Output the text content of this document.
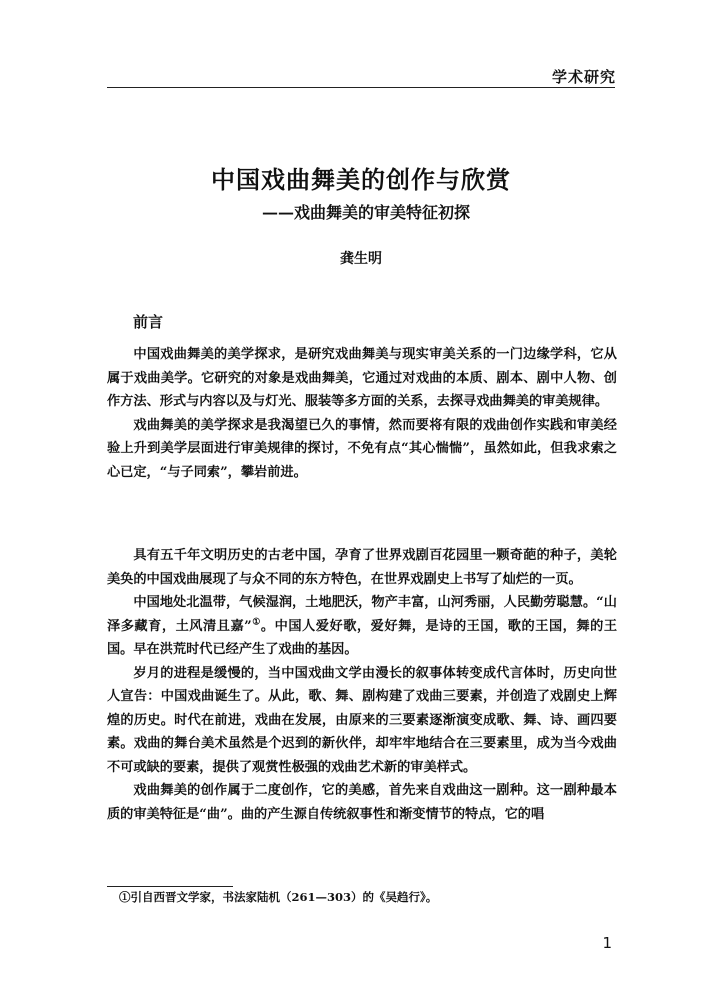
学术研究
中国戏曲舞美的创作与欣赏
——戏曲舞美的审美特征初探
龚生明
前言

中国戏曲舞美的美学探求，是研究戏曲舞美与现实审美关系的一门边缘学科，它从属于戏曲美学。它研究的对象是戏曲舞美，它通过对戏曲的本质、剧本、剧中人物、创作方法、形式与内容以及与灯光、服装等多方面的关系，去探寻戏曲舞美的审美规律。

戏曲舞美的美学探求是我渴望已久的事情，然而要将有限的戏曲创作实践和审美经验上升到美学层面进行审美规律的探讨，不免有点“其心惴惴”，虽然如此，但我求索之心已定，“与子同索”，攀岩前进。

具有五千年文明历史的古老中国，孕育了世界戏剧百花园里一颗奇葩的种子，美轮美奂的中国戏曲展现了与众不同的东方特色，在世界戏剧史上书写了灿烂的一页。

中国地处北温带，气候湿润，土地肥沃，物产丰富，山河秀丽，人民勤劳聪慧。“山泽多藏育，土风清且嘉”①。中国人爱好歌，爱好舞，是诗的王国，歌的王国，舞的王国。早在洪荒时代已经产生了戏曲的基因。

岁月的进程是缓慢的，当中国戏曲文学由漫长的叙事体转变成代言体时，历史向世人宣告：中国戏曲诞生了。从此，歌、舞、剧构建了戏曲三要素，并创造了戏剧史上辉煌的历史。时代在前进，戏曲在发展，由原来的三要素逐渐演变成歌、舞、诗、画四要素。戏曲的舞台美术虽然是个迟到的新伙伴，却牢牢地结合在三要素里，成为当今戏曲不可或缺的要素，提供了观赏性极强的戏曲艺术新的审美样式。

戏曲舞美的创作属于二度创作，它的美感，首先来自戏曲这一剧种。这一剧种最本质的审美特征是“曲”。曲的产生源自传统叙事性和渐变情节的特点，它的唱

①引自西晋文学家，书法家陆机（261—303）的《吴趋行》。
1
